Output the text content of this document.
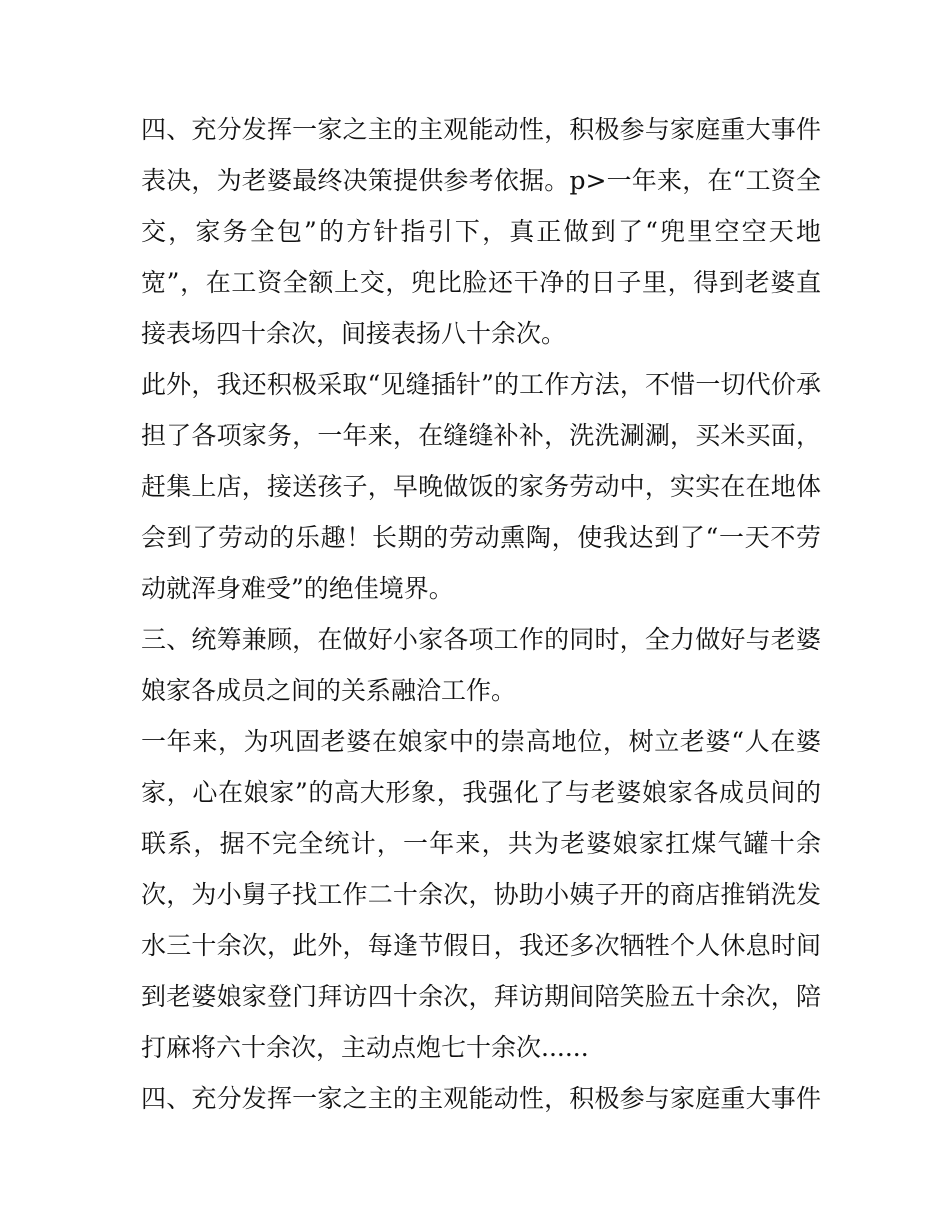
四、充分发挥一家之主的主观能动性，积极参与家庭重大事件
表决，为老婆最终决策提供参考依据。p>一年来，在“工资全
交，家务全包”的方针指引下，真正做到了“兜里空空天地
宽”，在工资全额上交，兜比脸还干净的日子里，得到老婆直
接表场四十余次，间接表扬八十余次。
此外，我还积极采取“见缝插针”的工作方法，不惜一切代价承
担了各项家务，一年来，在缝缝补补，洗洗涮涮，买米买面，
赶集上店，接送孩子，早晚做饭的家务劳动中，实实在在地体
会到了劳动的乐趣！长期的劳动熏陶，使我达到了“一天不劳
动就浑身难受”的绝佳境界。
三、统筹兼顾，在做好小家各项工作的同时，全力做好与老婆
娘家各成员之间的关系融洽工作。
一年来，为巩固老婆在娘家中的崇高地位，树立老婆“人在婆
家，心在娘家”的高大形象，我强化了与老婆娘家各成员间的
联系，据不完全统计，一年来，共为老婆娘家扛煤气罐十余
次，为小舅子找工作二十余次，协助小姨子开的商店推销洗发
水三十余次，此外，每逢节假日，我还多次牺牲个人休息时间
到老婆娘家登门拜访四十余次，拜访期间陪笑脸五十余次，陪
打麻将六十余次，主动点炮七十余次......
四、充分发挥一家之主的主观能动性，积极参与家庭重大事件
